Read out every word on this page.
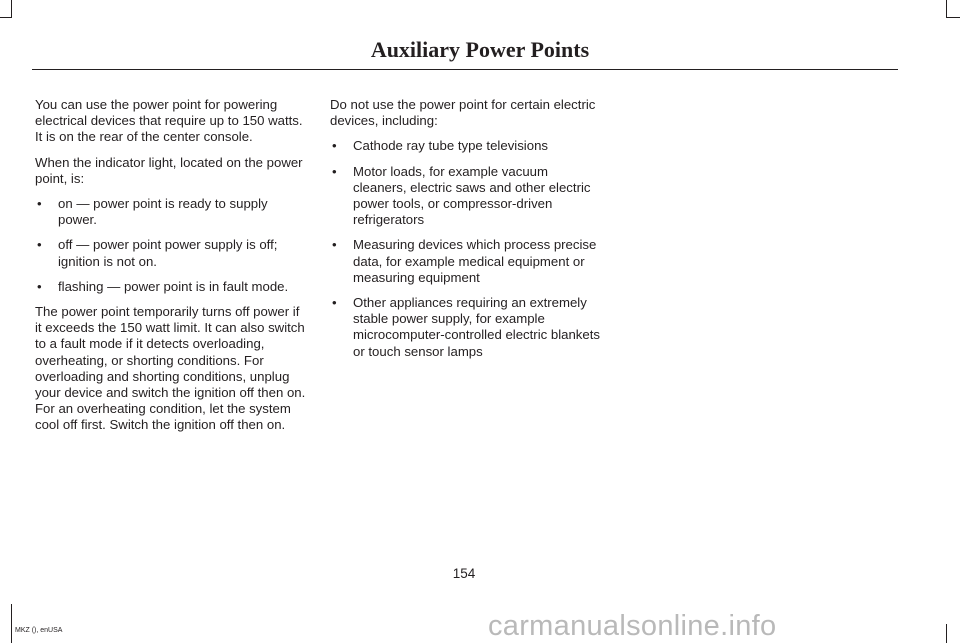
Auxiliary Power Points

You can use the power point for powering electrical devices that require up to 150 watts. It is on the rear of the center console.

When the indicator light, located on the power point, is:

• on — power point is ready to supply power.
• off — power point power supply is off; ignition is not on.
• flashing — power point is in fault mode.

The power point temporarily turns off power if it exceeds the 150 watt limit. It can also switch to a fault mode if it detects overloading, overheating, or shorting conditions. For overloading and shorting conditions, unplug your device and switch the ignition off then on. For an overheating condition, let the system cool off first. Switch the ignition off then on.

Do not use the power point for certain electric devices, including:

• Cathode ray tube type televisions
• Motor loads, for example vacuum cleaners, electric saws and other electric power tools, or compressor-driven refrigerators
• Measuring devices which process precise data, for example medical equipment or measuring equipment
• Other appliances requiring an extremely stable power supply, for example microcomputer-controlled electric blankets or touch sensor lamps
154
MKZ (), enUSA	carmanualsonline.info
